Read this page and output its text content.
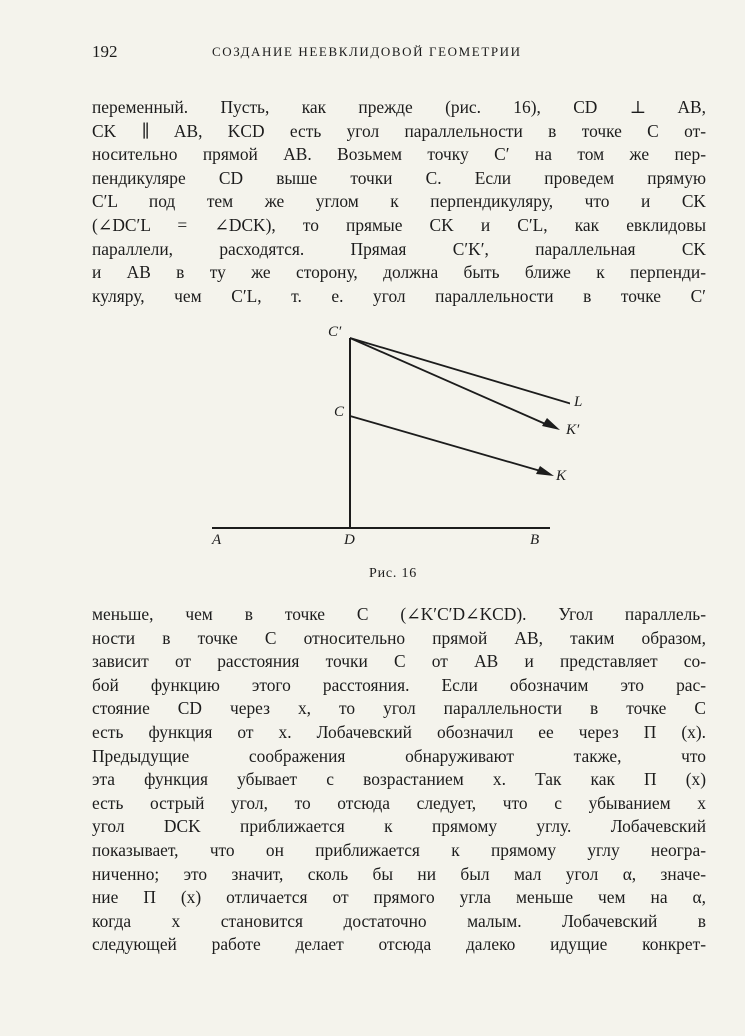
192	СОЗДАНИЕ НЕЕВКЛИДОВОЙ ГЕОМЕТРИИ
переменный. Пусть, как прежде (рис. 16), CD ⊥ AB,
CK ∥ AB, KCD есть угол параллельности в точке C от-
носительно прямой AB. Возьмем точку C′ на том же пер-
пендикуляре CD выше точки C. Если проведем прямую
C′L под тем же углом к перпендикуляру, что и CK
(∠DC′L = ∠DCK), то прямые CK и C′L, как евклидовы
параллели, расходятся. Прямая C′K′, параллельная CK
и AB в ту же сторону, должна быть ближе к перпенди-
куляру, чем C′L, т. е. угол параллельности в точке C′
C′
C
L
K′
K
A	D	B
Рис. 16
меньше, чем в точке C (∠K′C′D∠KCD). Угол параллель-
ности в точке C относительно прямой AB, таким образом,
зависит от расстояния точки C от AB и представляет со-
бой функцию этого расстояния. Если обозначим это рас-
стояние CD через x, то угол параллельности в точке C
есть функция от x. Лобачевский обозначил ее через Π (x).
Предыдущие соображения обнаруживают также, что
эта функция убывает с возрастанием x. Так как Π (x)
есть острый угол, то отсюда следует, что с убыванием x
угол DCK приближается к прямому углу. Лобачевский
показывает, что он приближается к прямому углу неогра-
ниченно; это значит, сколь бы ни был мал угол α, значе-
ние Π (x) отличается от прямого угла меньше чем на α,
когда x становится достаточно малым. Лобачевский в
следующей работе делает отсюда далеко идущие конкрет-
